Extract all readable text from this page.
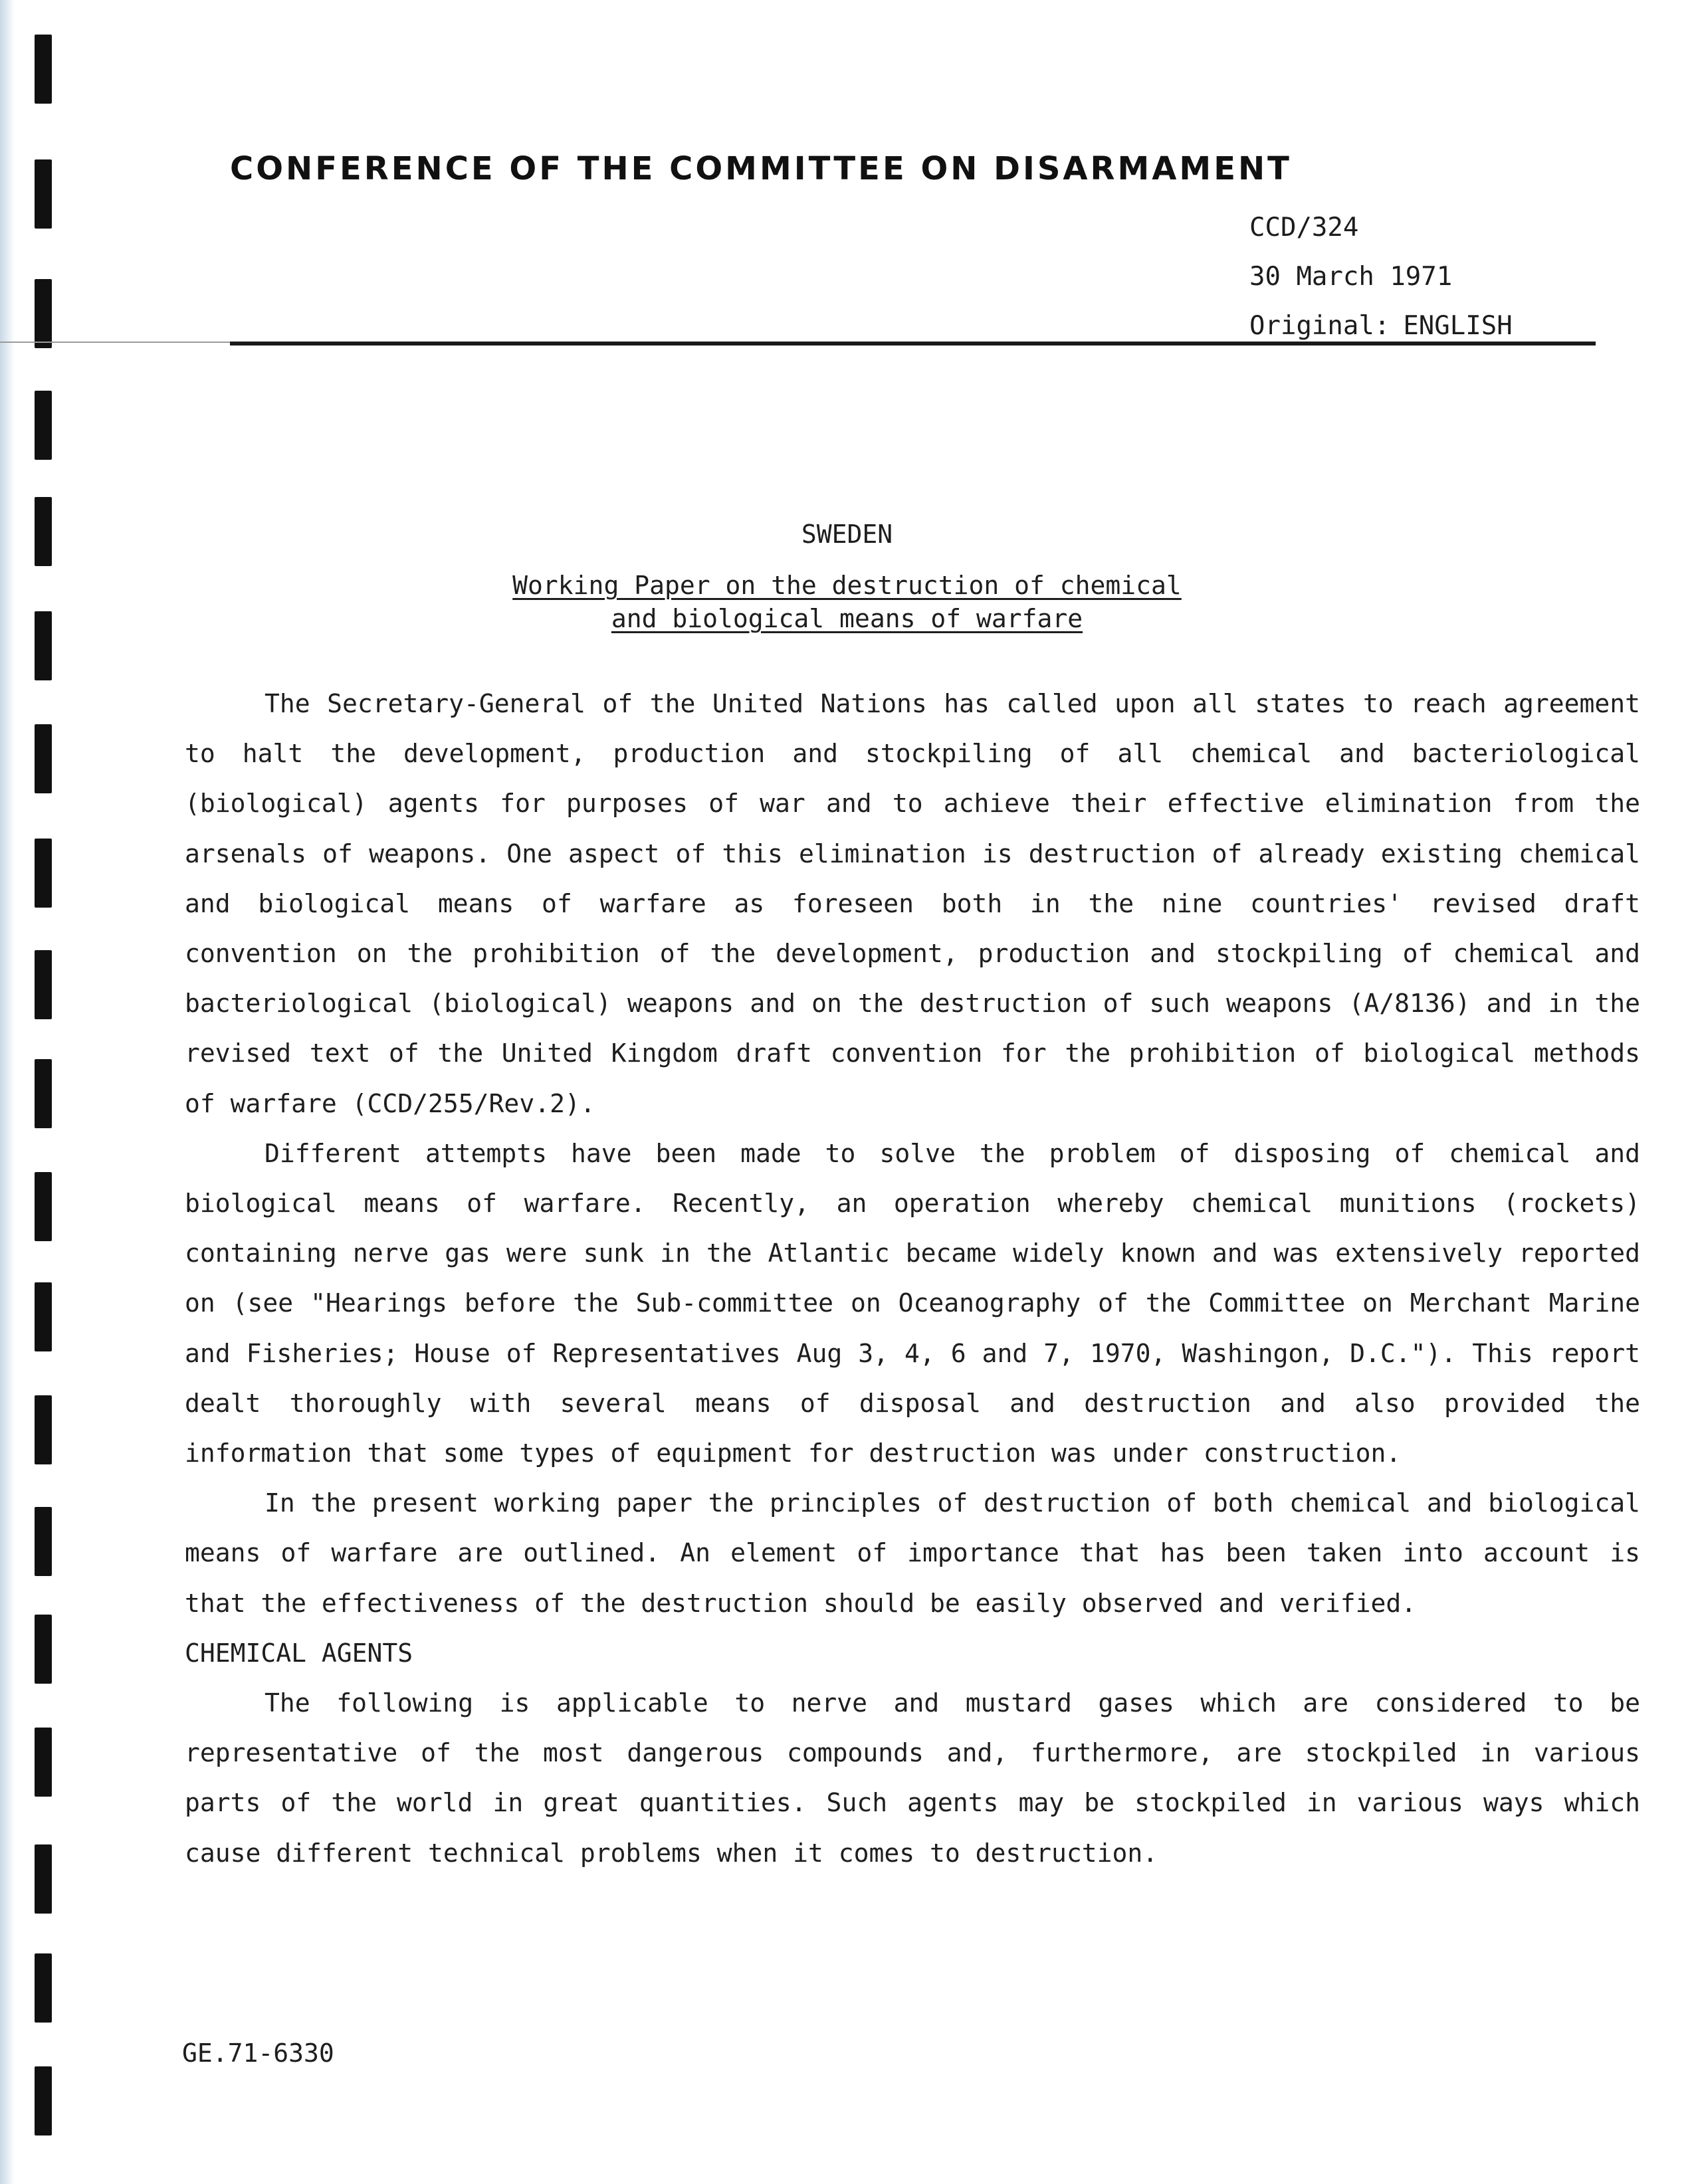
CONFERENCE OF THE COMMITTEE ON DISARMAMENT
CCD/324
30 March 1971
Original: ENGLISH
SWEDEN
Working Paper on the destruction of chemical
and biological means of warfare

The Secretary-General of the United Nations has called upon all states to reach agreement to halt the development, production and stockpiling of all chemical and bacteriological (biological) agents for purposes of war and to achieve their effective elimination from the arsenals of weapons. One aspect of this elimination is destruction of already existing chemical and biological means of warfare as foreseen both in the nine countries' revised draft convention on the prohibition of the development, production and stockpiling of chemical and bacteriological (biological) weapons and on the destruction of such weapons (A/8136) and in the revised text of the United Kingdom draft convention for the prohibition of biological methods of warfare (CCD/255/Rev.2).

Different attempts have been made to solve the problem of disposing of chemical and biological means of warfare. Recently, an operation whereby chemical munitions (rockets) containing nerve gas were sunk in the Atlantic became widely known and was extensively reported on (see "Hearings before the Sub-committee on Oceanography of the Committee on Merchant Marine and Fisheries; House of Representatives Aug 3, 4, 6 and 7, 1970, Washingon, D.C."). This report dealt thoroughly with several means of disposal and destruction and also provided the information that some types of equipment for destruction was under construction.

In the present working paper the principles of destruction of both chemical and biological means of warfare are outlined. An element of importance that has been taken into account is that the effectiveness of the destruction should be easily observed and verified.

CHEMICAL AGENTS

The following is applicable to nerve and mustard gases which are considered to be representative of the most dangerous compounds and, furthermore, are stockpiled in various parts of the world in great quantities. Such agents may be stockpiled in various ways which cause different technical problems when it comes to destruction.

GE.71-6330
